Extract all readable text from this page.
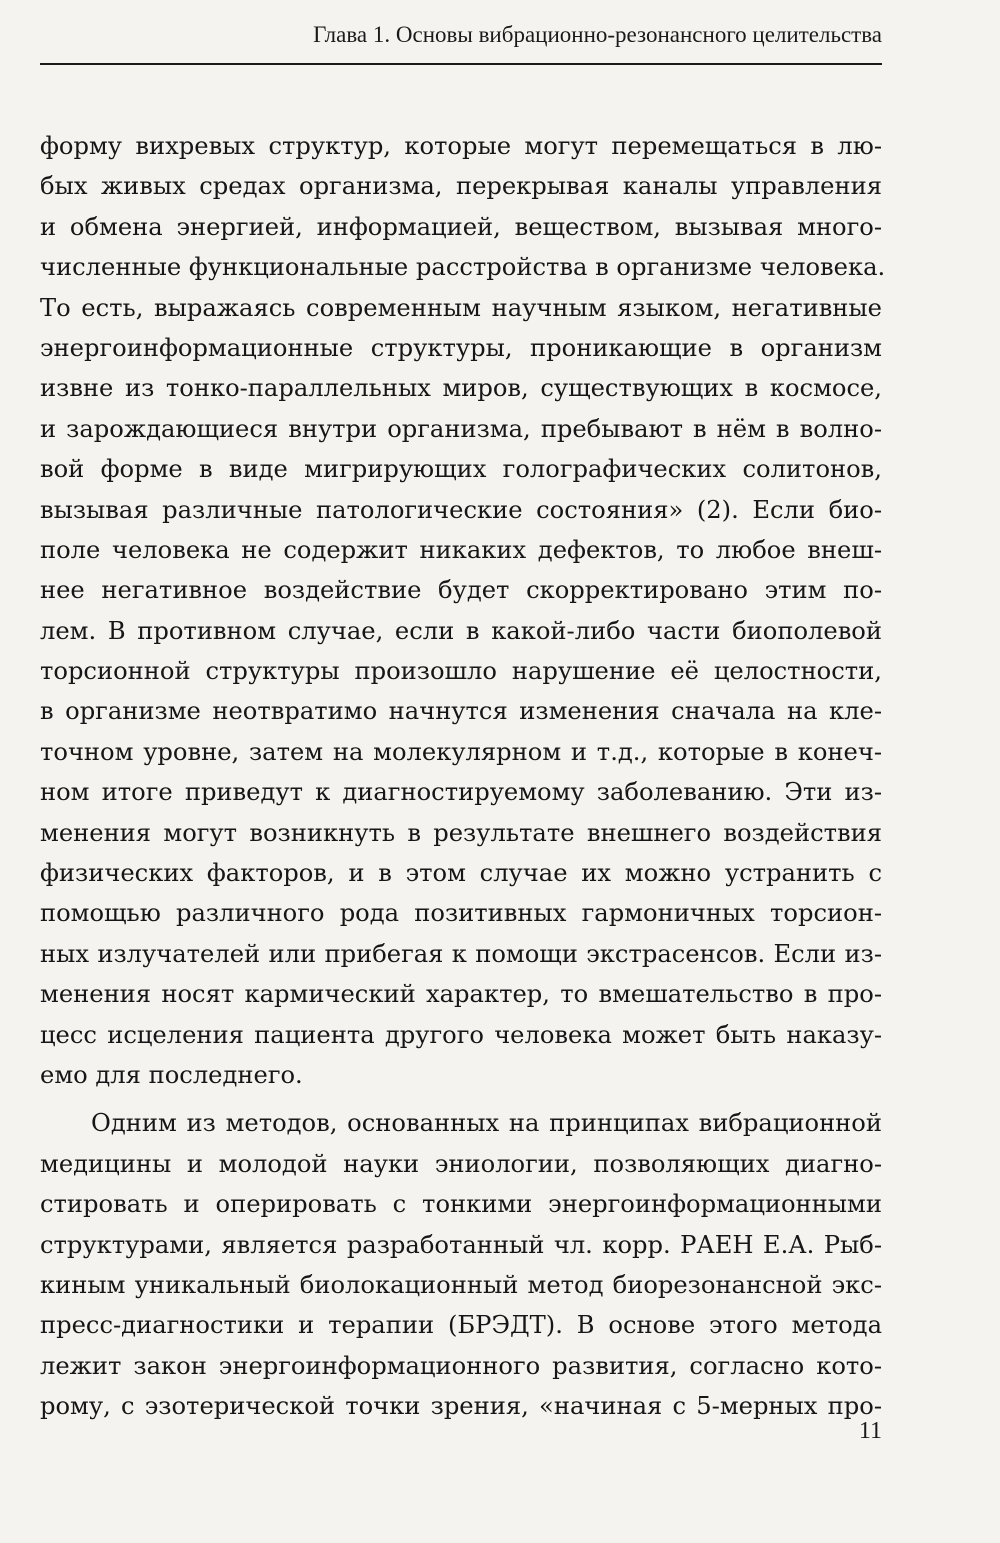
Глава 1. Основы вибрационно-резонансного целительства
форму вихревых структур, которые могут перемещаться в лю-
бых живых средах организма, перекрывая каналы управления
и обмена энергией, информацией, веществом, вызывая много-
численные функциональные расстройства в организме человека.
То есть, выражаясь современным научным языком, негативные
энергоинформационные структуры, проникающие в организм
извне из тонко-параллельных миров, существующих в космосе,
и зарождающиеся внутри организма, пребывают в нём в волно-
вой форме в виде мигрирующих голографических солитонов,
вызывая различные патологические состояния» (2). Если био-
поле человека не содержит никаких дефектов, то любое внеш-
нее негативное воздействие будет скорректировано этим по-
лем. В противном случае, если в какой-либо части биополевой
торсионной структуры произошло нарушение её целостности,
в организме неотвратимо начнутся изменения сначала на кле-
точном уровне, затем на молекулярном и т.д., которые в конеч-
ном итоге приведут к диагностируемому заболеванию. Эти из-
менения могут возникнуть в результате внешнего воздействия
физических факторов, и в этом случае их можно устранить с
помощью различного рода позитивных гармоничных торсион-
ных излучателей или прибегая к помощи экстрасенсов. Если из-
менения носят кармический характер, то вмешательство в про-
цесс исцеления пациента другого человека может быть наказу-
емо для последнего.
Одним из методов, основанных на принципах вибрационной
медицины и молодой науки эниологии, позволяющих диагно-
стировать и оперировать с тонкими энергоинформационными
структурами, является разработанный чл. корр. РАЕН Е.А. Рыб-
киным уникальный биолокационный метод биорезонансной экс-
пресс-диагностики и терапии (БРЭДТ). В основе этого метода
лежит закон энергоинформационного развития, согласно кото-
рому, с эзотерической точки зрения, «начиная с 5-мерных про-
11
